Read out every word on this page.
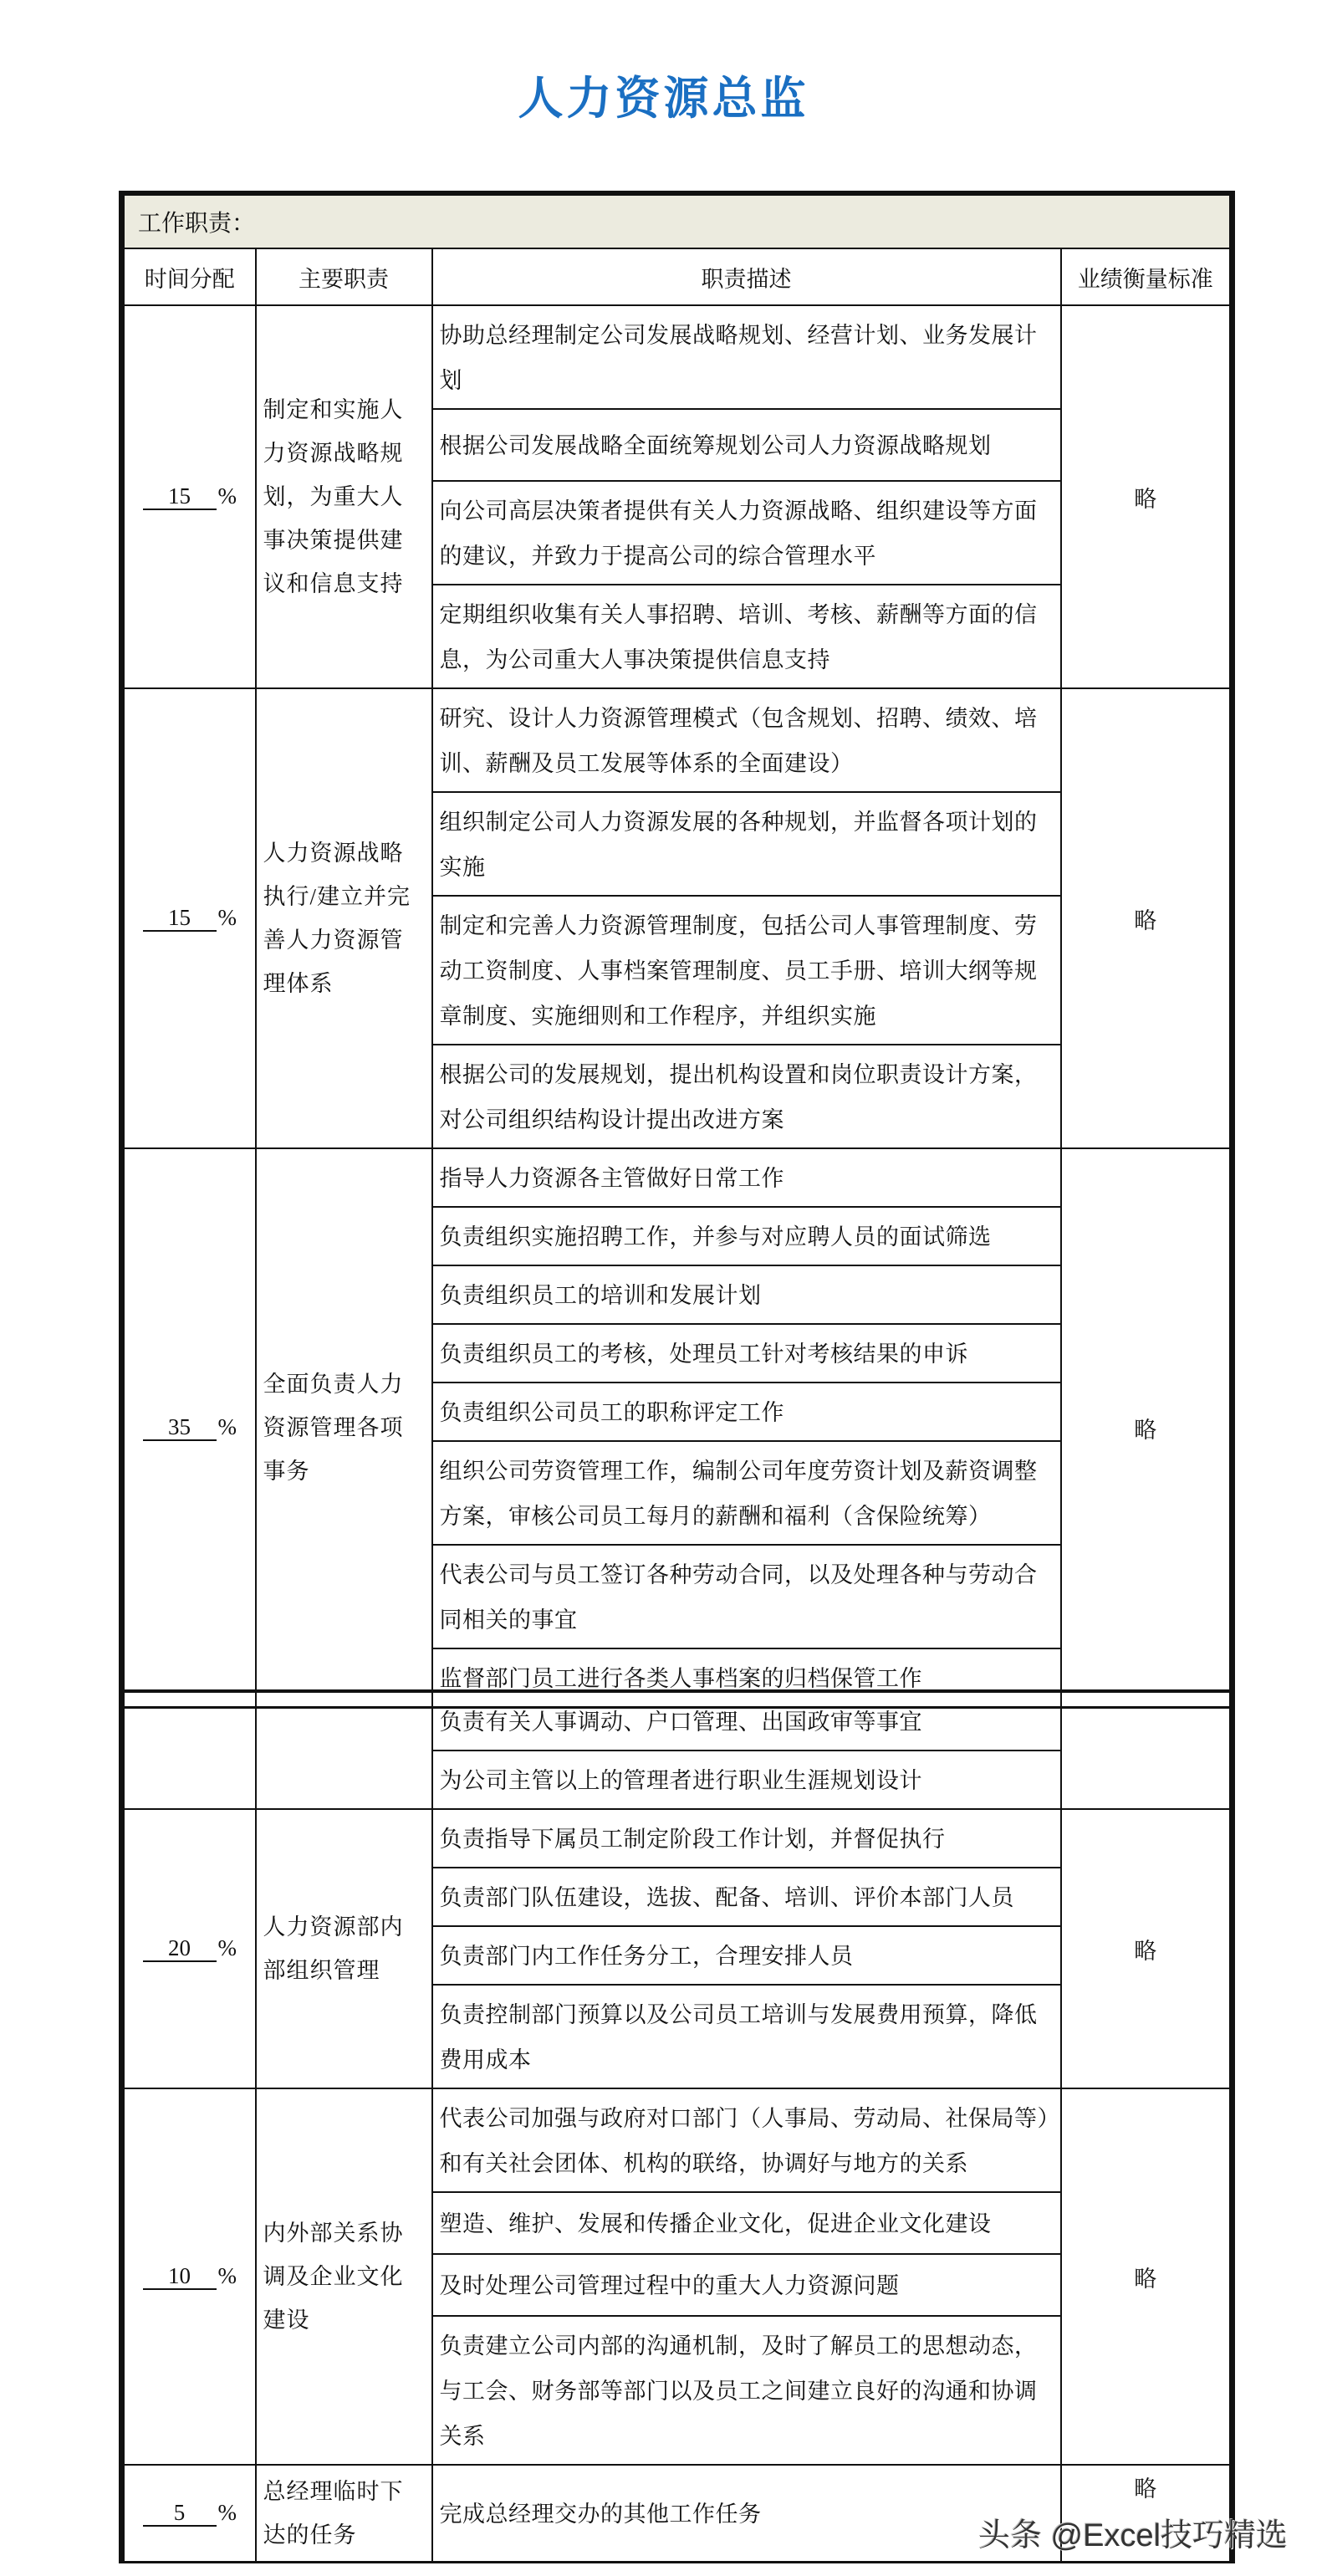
人力资源总监
工作职责：			
时间分配	主要职责	职责描述	业绩衡量标准
15 %	制定和实施人力资源战略规划，为重大人事决策提供建议和信息支持	协助总经理制定公司发展战略规划、经营计划、业务发展计划	略
		根据公司发展战略全面统筹规划公司人力资源战略规划	
		向公司高层决策者提供有关人力资源战略、组织建设等方面的建议，并致力于提高公司的综合管理水平	
		定期组织收集有关人事招聘、培训、考核、薪酬等方面的信息，为公司重大人事决策提供信息支持	
15 %	人力资源战略执行/建立并完善人力资源管理体系	研究、设计人力资源管理模式（包含规划、招聘、绩效、培训、薪酬及员工发展等体系的全面建设）	略
		组织制定公司人力资源发展的各种规划，并监督各项计划的实施	
		制定和完善人力资源管理制度，包括公司人事管理制度、劳动工资制度、人事档案管理制度、员工手册、培训大纲等规章制度、实施细则和工作程序，并组织实施	
		根据公司的发展规划，提出机构设置和岗位职责设计方案，对公司组织结构设计提出改进方案	
35 %	全面负责人力资源管理各项事务	指导人力资源各主管做好日常工作	略
		负责组织实施招聘工作，并参与对应聘人员的面试筛选	
		负责组织员工的培训和发展计划	
		负责组织员工的考核，处理员工针对考核结果的申诉	
		负责组织公司员工的职称评定工作	
		组织公司劳资管理工作，编制公司年度劳资计划及薪资调整方案，审核公司员工每月的薪酬和福利（含保险统筹）	
		代表公司与员工签订各种劳动合同，以及处理各种与劳动合同相关的事宜	
		监督部门员工进行各类人事档案的归档保管工作	
		负责有关人事调动、户口管理、出国政审等事宜	
		为公司主管以上的管理者进行职业生涯规划设计	
20 %	人力资源部内部组织管理	负责指导下属员工制定阶段工作计划，并督促执行	略
		负责部门队伍建设，选拔、配备、培训、评价本部门人员	
		负责部门内工作任务分工，合理安排人员	
		负责控制部门预算以及公司员工培训与发展费用预算，降低费用成本	
10 %	内外部关系协调及企业文化建设	代表公司加强与政府对口部门（人事局、劳动局、社保局等）和有关社会团体、机构的联络，协调好与地方的关系	略
		塑造、维护、发展和传播企业文化，促进企业文化建设	
		及时处理公司管理过程中的重大人力资源问题	
		负责建立公司内部的沟通机制，及时了解员工的思想动态，与工会、财务部等部门以及员工之间建立良好的沟通和协调关系	
5 %	总经理临时下达的任务	完成总经理交办的其他工作任务	略
头条 @Excel技巧精选
